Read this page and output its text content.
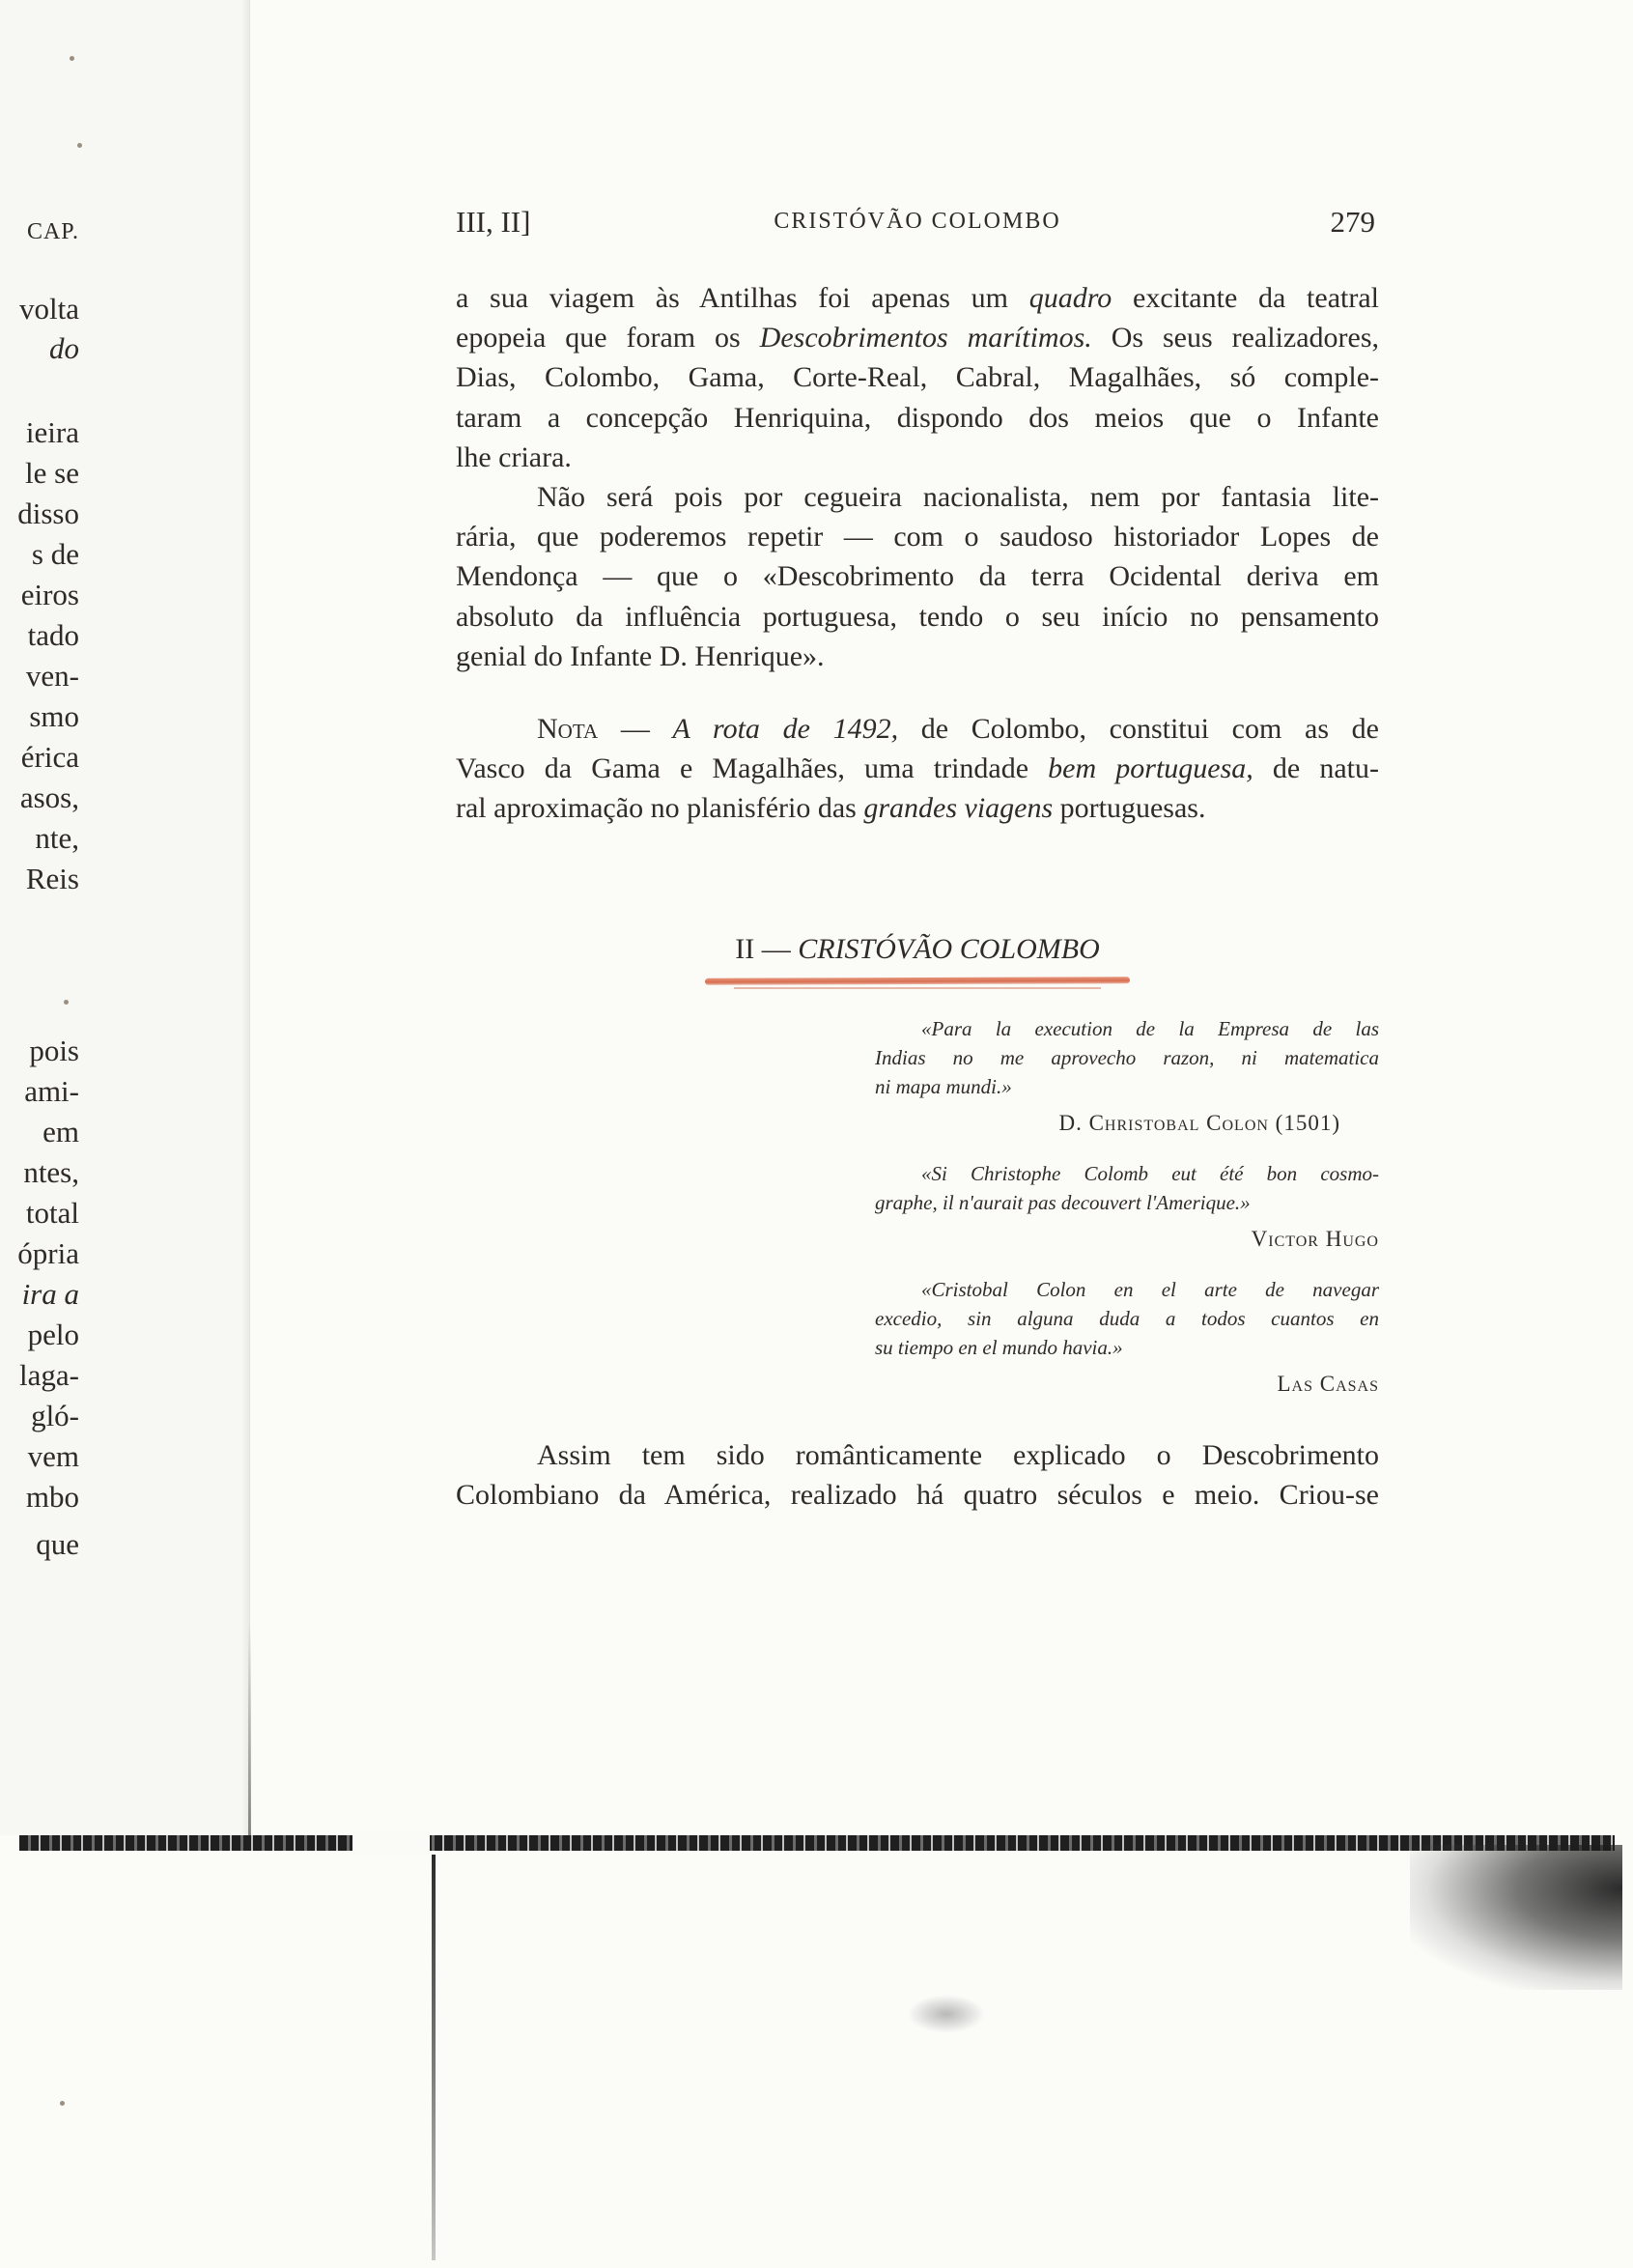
CAP.
volta
do
ieira
le se
disso
s de
eiros
tado
ven-
smo
érica
asos,
nte,
Reis
pois
ami-
em
ntes,
total
ópria
ira a
pelo
laga-
gló-
vem
mbo
que
III, II]	CRISTÓVÃO COLOMBO	279
a sua viagem às Antilhas foi apenas um quadro excitante da teatral
epopeia que foram os Descobrimentos marítimos. Os seus realizadores,
Dias, Colombo, Gama, Corte-Real, Cabral, Magalhães, só comple-
taram a concepção Henriquina, dispondo dos meios que o Infante
lhe criara.
Não será pois por cegueira nacionalista, nem por fantasia lite-
rária, que poderemos repetir — com o saudoso historiador Lopes de
Mendonça — que o «Descobrimento da terra Ocidental deriva em
absoluto da influência portuguesa, tendo o seu início no pensamento
genial do Infante D. Henrique».
Nota — A rota de 1492, de Colombo, constitui com as de
Vasco da Gama e Magalhães, uma trindade bem portuguesa, de natu-
ral aproximação no planisfério das grandes viagens portuguesas.
II — CRISTÓVÃO COLOMBO
«Para la execution de la Empresa de las
Indias no me aprovecho razon, ni matematica
ni mapa mundi.»

D. Christobal Colon (1501)

«Si Christophe Colomb eut été bon cosmo-
graphe, il n'aurait pas decouvert l'Amerique.»

Victor Hugo

«Cristobal Colon en el arte de navegar
excedio, sin alguna duda a todos cuantos en
su tiempo en el mundo havia.»

Las Casas

Assim tem sido românticamente explicado o Descobrimento
Colombiano da América, realizado há quatro séculos e meio. Criou-se
